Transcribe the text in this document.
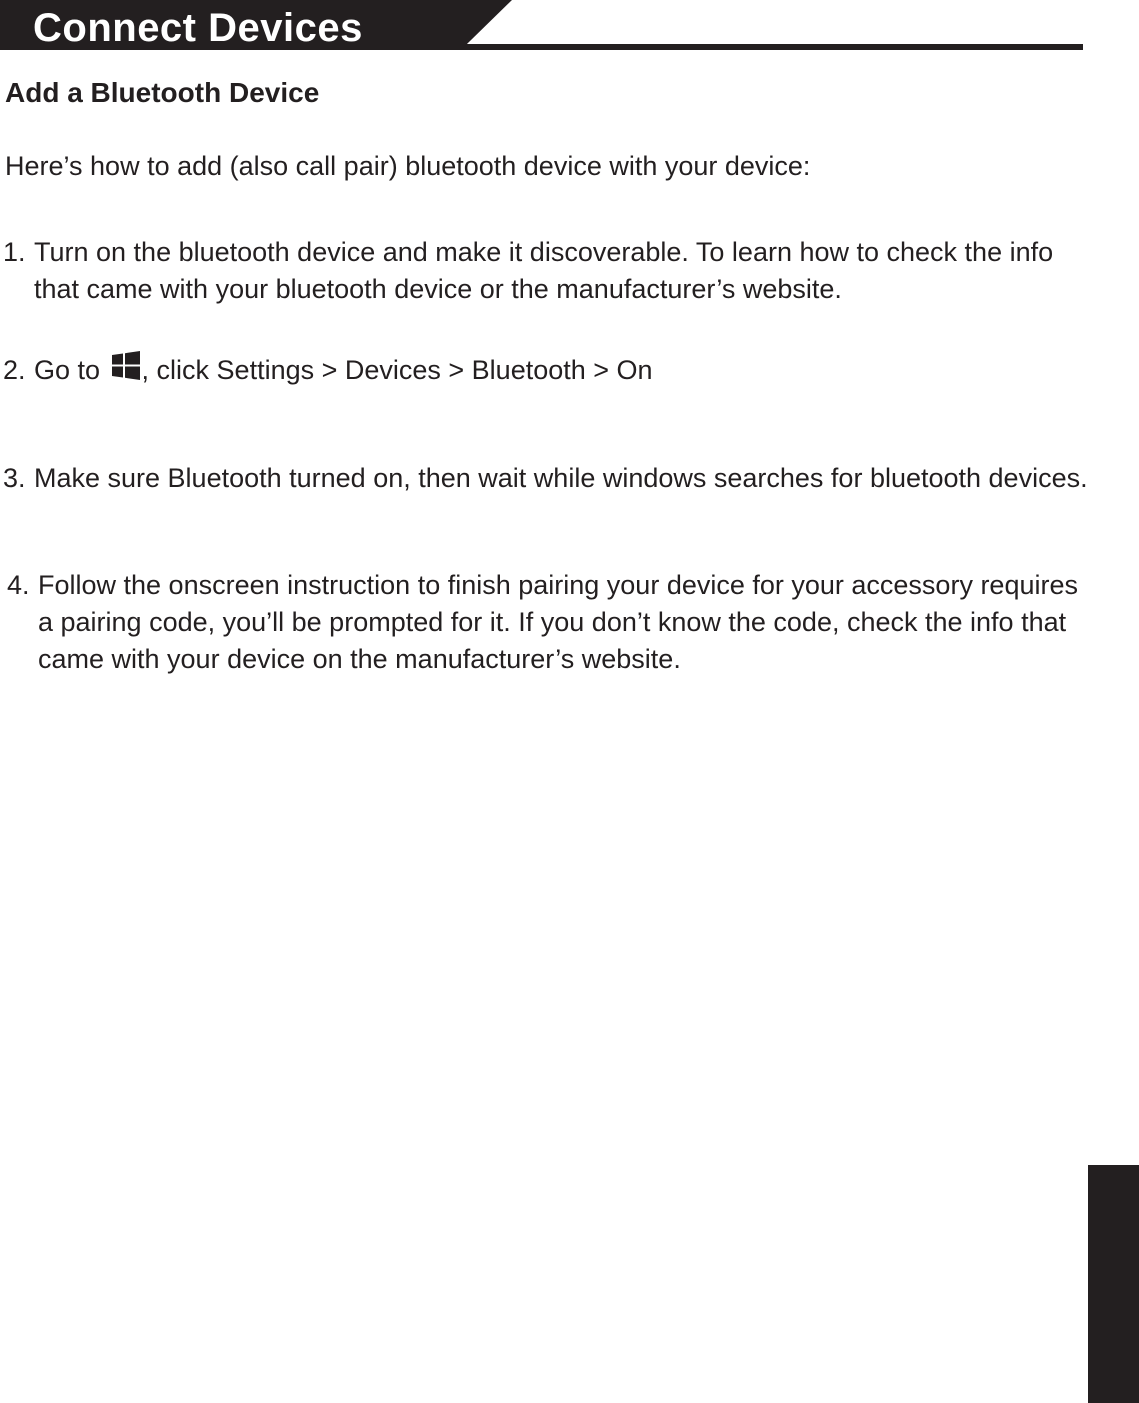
Connect Devices
Add a Bluetooth Device

Here’s how to add (also call pair) bluetooth device with your device:

1. Turn on the bluetooth device and make it discoverable. To learn how to check the info that came with your bluetooth device or the manufacturer’s website.
2. Go to , click Settings > Devices > Bluetooth > On
3. Make sure Bluetooth turned on, then wait while windows searches for bluetooth devices.
4. Follow the onscreen instruction to finish pairing your device for your accessory requires a pairing code, you’ll be prompted for it. If you don’t know the code, check the info that came with your device on the manufacturer’s website.
